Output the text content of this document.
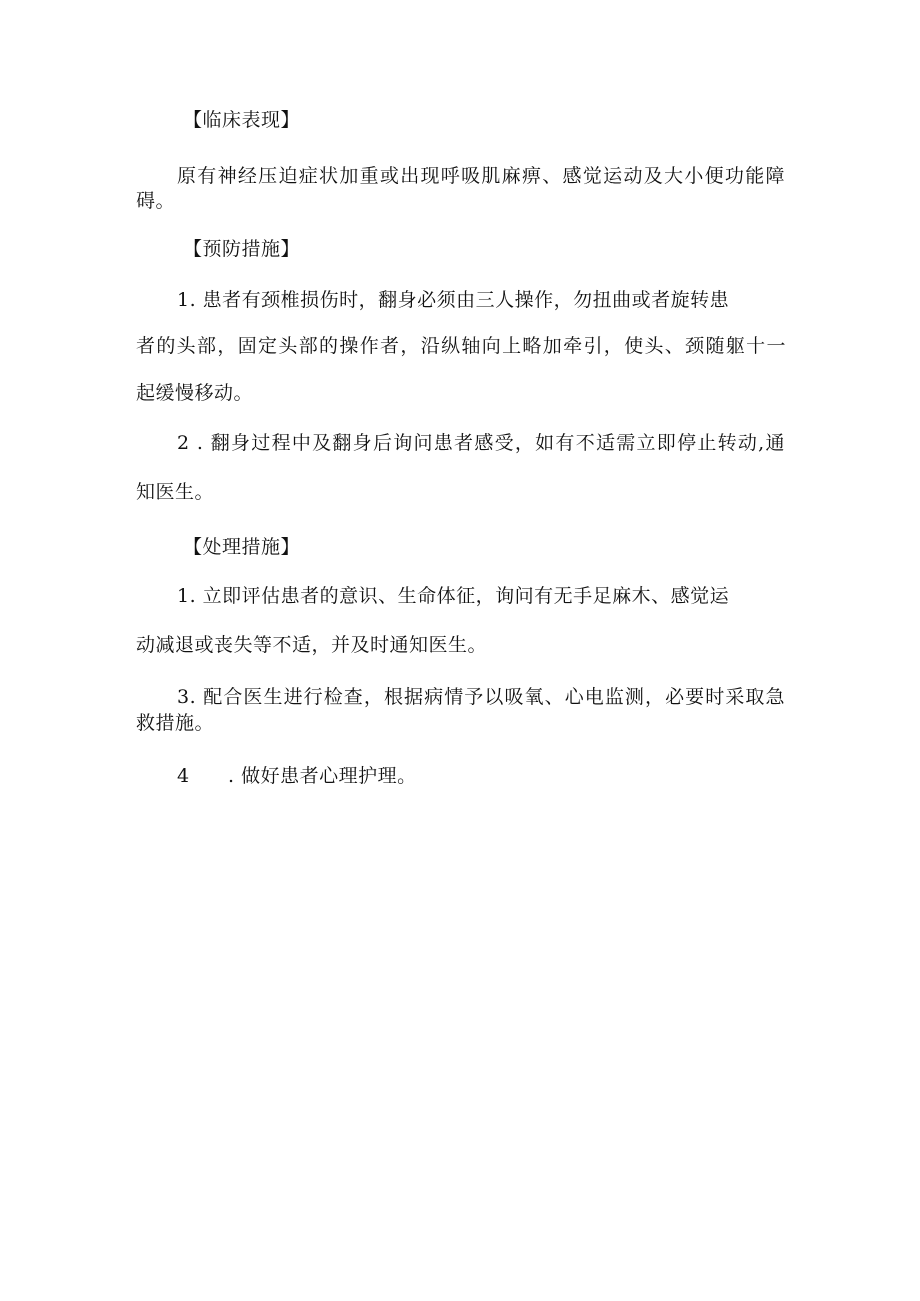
【临床表现】
原有神经压迫症状加重或出现呼吸肌麻痹、感觉运动及大小便功能障
碍。
【预防措施】
1. 患者有颈椎损伤时，翻身必须由三人操作，勿扭曲或者旋转患
者的头部，固定头部的操作者，沿纵轴向上略加牵引，使头、颈随躯十一
起缓慢移动。
2 . 翻身过程中及翻身后询问患者感受，如有不适需立即停止转动,通
知医生。
【处理措施】
1. 立即评估患者的意识、生命体征，询问有无手足麻木、感觉运
动减退或丧失等不适，并及时通知医生。
3. 配合医生进行检查，根据病情予以吸氧、心电监测，必要时采取急
救措施。
4 . 做好患者心理护理。
